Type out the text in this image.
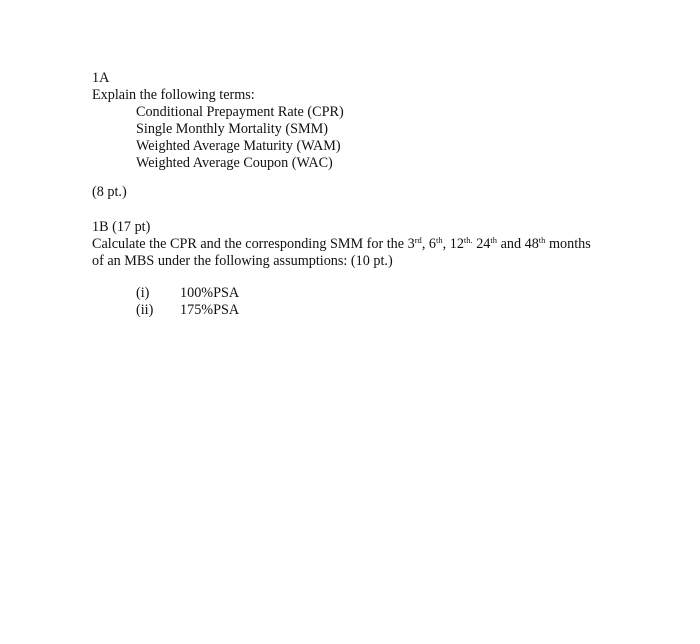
1A
Explain the following terms:
Conditional Prepayment Rate (CPR)
Single Monthly Mortality (SMM)
Weighted Average Maturity (WAM)
Weighted Average Coupon (WAC)
(8 pt.)
1B (17 pt)
Calculate the CPR and the corresponding SMM for the 3rd, 6th, $12^{th.}$ 24th and 48th months
of an MBS under the following assumptions: (10 pt.)
(i) 100%PSA
(ii) 175%PSA
